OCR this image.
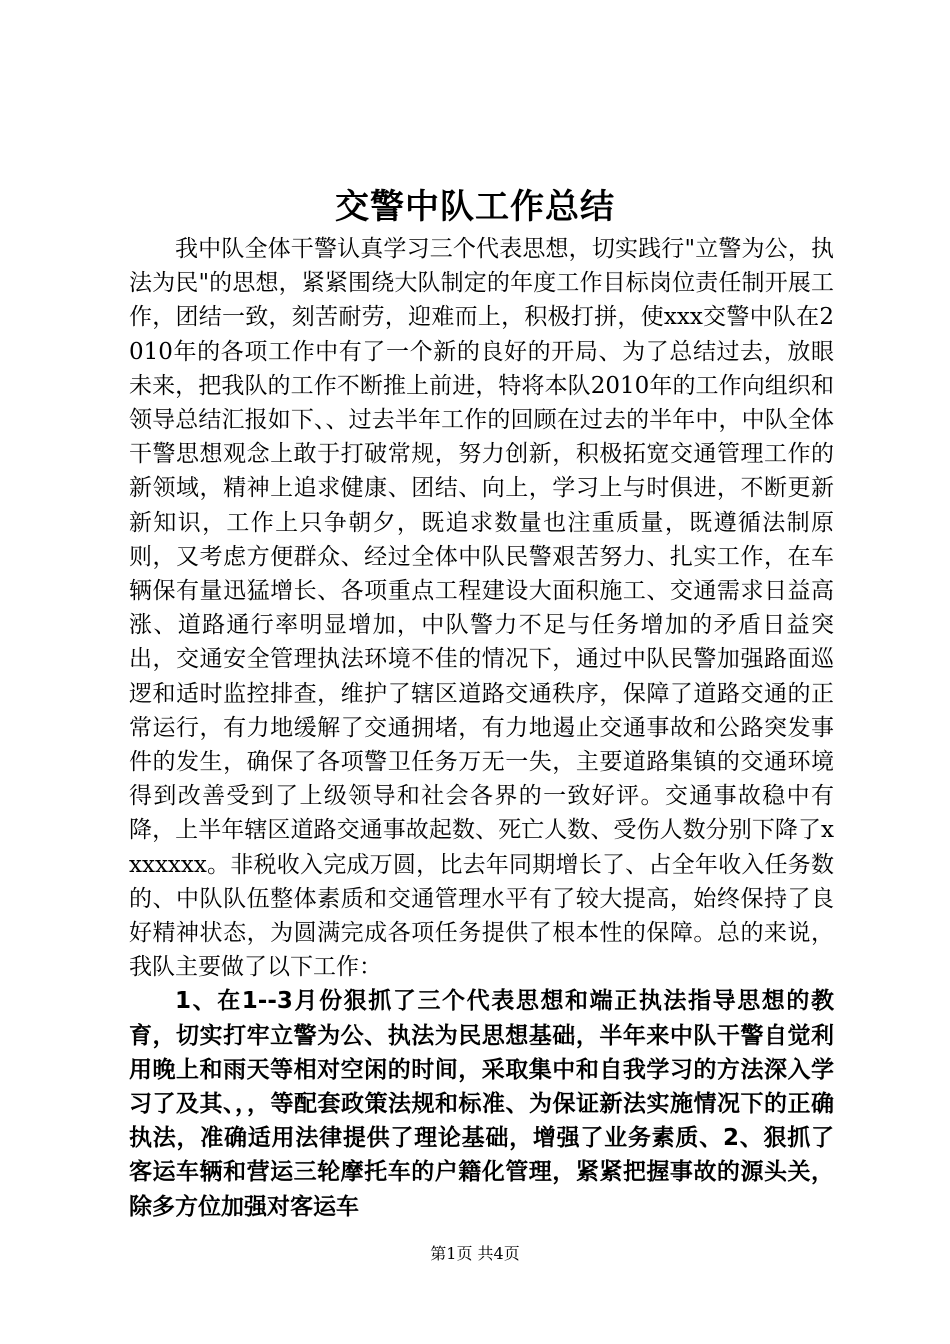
交警中队工作总结

我中队全体干警认真学习三个代表思想，切实践行"立警为公，执法为民"的思想，紧紧围绕大队制定的年度工作目标岗位责任制开展工作，团结一致，刻苦耐劳，迎难而上，积极打拼，使xxx交警中队在2010年的各项工作中有了一个新的良好的开局、为了总结过去，放眼未来，把我队的工作不断推上前进，特将本队2010年的工作向组织和领导总结汇报如下、、过去半年工作的回顾在过去的半年中，中队全体干警思想观念上敢于打破常规，努力创新，积极拓宽交通管理工作的新领域，精神上追求健康、团结、向上，学习上与时俱进，不断更新新知识，工作上只争朝夕，既追求数量也注重质量，既遵循法制原则，又考虑方便群众、经过全体中队民警艰苦努力、扎实工作，在车辆保有量迅猛增长、各项重点工程建设大面积施工、交通需求日益高涨、道路通行率明显增加，中队警力不足与任务增加的矛盾日益突出，交通安全管理执法环境不佳的情况下，通过中队民警加强路面巡逻和适时监控排查，维护了辖区道路交通秩序，保障了道路交通的正常运行，有力地缓解了交通拥堵，有力地遏止交通事故和公路突发事件的发生，确保了各项警卫任务万无一失，主要道路集镇的交通环境得到改善受到了上级领导和社会各界的一致好评。交通事故稳中有降，上半年辖区道路交通事故起数、死亡人数、受伤人数分别下降了xxxxxxx。非税收入完成万圆，比去年同期增长了、占全年收入任务数的、中队队伍整体素质和交通管理水平有了较大提高，始终保持了良好精神状态，为圆满完成各项任务提供了根本性的保障。总的来说，我队主要做了以下工作：

1、在1--3月份狠抓了三个代表思想和端正执法指导思想的教育，切实打牢立警为公、执法为民思想基础，半年来中队干警自觉利用晚上和雨天等相对空闲的时间，采取集中和自我学习的方法深入学习了及其、，，等配套政策法规和标准、为保证新法实施情况下的正确执法，准确适用法律提供了理论基础，增强了业务素质、2、狠抓了客运车辆和营运三轮摩托车的户籍化管理，紧紧把握事故的源头关，除多方位加强对客运车

第1页 共4页
